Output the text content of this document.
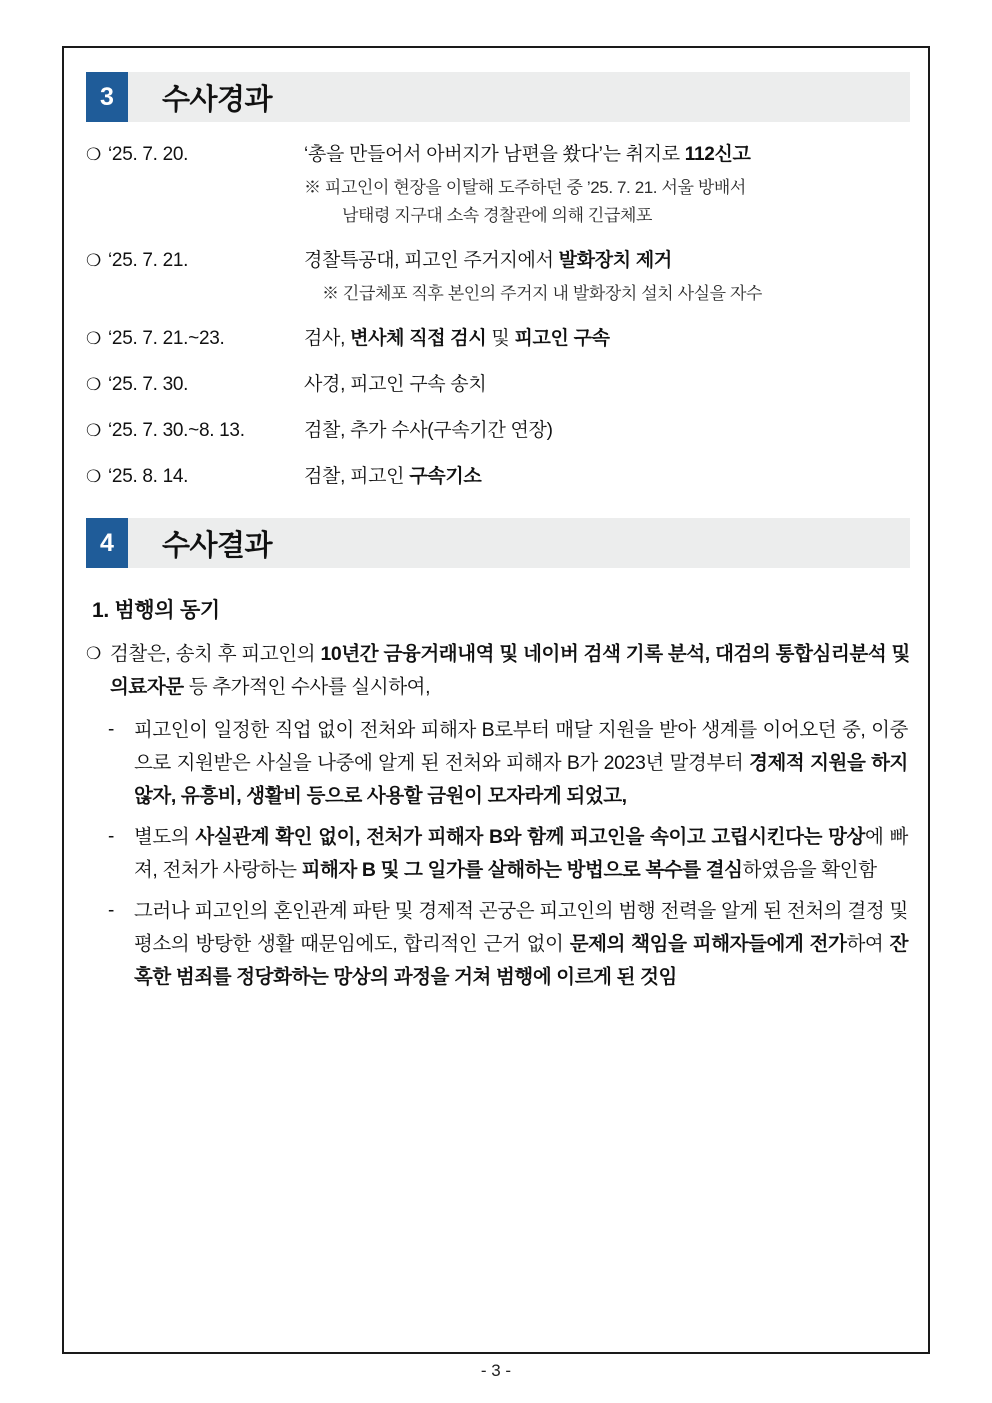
3	수사경과
❍ ‘25. 7. 20.	‘총을 만들어서 아버지가 남편을 쐈다’는 취지로 112신고
※ 피고인이 현장을 이탈해 도주하던 중 ’25. 7. 21. 서울 방배서
남태령 지구대 소속 경찰관에 의해 긴급체포
❍ ‘25. 7. 21.	경찰특공대, 피고인 주거지에서 발화장치 제거
※ 긴급체포 직후 본인의 주거지 내 발화장치 설치 사실을 자수
❍ ‘25. 7. 21.~23.	검사, 변사체 직접 검시 및 피고인 구속
❍ ‘25. 7. 30.	사경, 피고인 구속 송치
❍ ‘25. 7. 30.~8. 13.	검찰, 추가 수사(구속기간 연장)
❍ ‘25. 8. 14.	검찰, 피고인 구속기소
4	수사결과
1. 범행의 동기
❍ 검찰은, 송치 후 피고인의 10년간 금융거래내역 및 네이버 검색 기록 분석, 대검의 통합심리분석 및 의료자문 등 추가적인 수사를 실시하여,
-	피고인이 일정한 직업 없이 전처와 피해자 B로부터 매달 지원을 받아 생계를 이어오던 중, 이중으로 지원받은 사실을 나중에 알게 된 전처와 피해자 B가 2023년 말경부터 경제적 지원을 하지 않자, 유흥비, 생활비 등으로 사용할 금원이 모자라게 되었고,
-	별도의 사실관계 확인 없이, 전처가 피해자 B와 함께 피고인을 속이고 고립시킨다는 망상에 빠져, 전처가 사랑하는 피해자 B 및 그 일가를 살해하는 방법으로 복수를 결심하였음을 확인함
-	그러나 피고인의 혼인관계 파탄 및 경제적 곤궁은 피고인의 범행 전력을 알게 된 전처의 결정 및 평소의 방탕한 생활 때문임에도, 합리적인 근거 없이 문제의 책임을 피해자들에게 전가하여 잔혹한 범죄를 정당화하는 망상의 과정을 거쳐 범행에 이르게 된 것임
- 3 -
